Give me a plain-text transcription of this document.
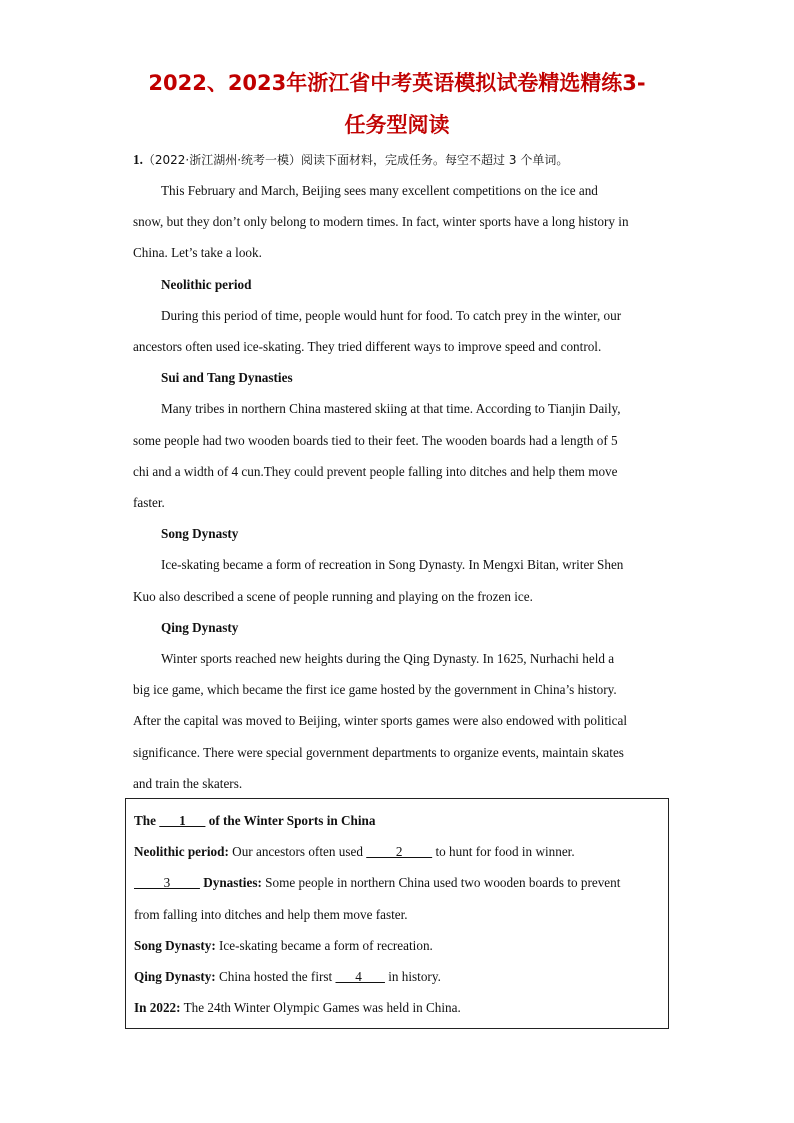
2022、2023年浙江省中考英语模拟试卷精选精练3-
任务型阅读
1.（2022·浙江湖州·统考一模）阅读下面材料，完成任务。每空不超过 3 个单词。
This February and March, Beijing sees many excellent competitions on the ice and
snow, but they don’t only belong to modern times. In fact, winter sports have a long history in
China. Let’s take a look.
Neolithic period
During this period of time, people would hunt for food. To catch prey in the winter, our
ancestors often used ice-skating. They tried different ways to improve speed and control.
Sui and Tang Dynasties
Many tribes in northern China mastered skiing at that time. According to Tianjin Daily,
some people had two wooden boards tied to their feet. The wooden boards had a length of 5
chi and a width of 4 cun.They could prevent people falling into ditches and help them move
faster.
Song Dynasty
Ice-skating became a form of recreation in Song Dynasty. In Mengxi Bitan, writer Shen
Kuo also described a scene of people running and playing on the frozen ice.
Qing Dynasty
Winter sports reached new heights during the Qing Dynasty. In 1625, Nurhachi held a
big ice game, which became the first ice game hosted by the government in China’s history.
After the capital was moved to Beijing, winter sports games were also endowed with political
significance. There were special government departments to organize events, maintain skates
and train the skaters.
The       1       of the Winter Sports in China
Neolithic period: Our ancestors often used          2          to hunt for food in winner.
3          Dynasties: Some people in northern China used two wooden boards to prevent
from falling into ditches and help them move faster.
Song Dynasty: Ice-skating became a form of recreation.
Qing Dynasty: China hosted the first       4        in history.
In 2022: The 24th Winter Olympic Games was held in China.
